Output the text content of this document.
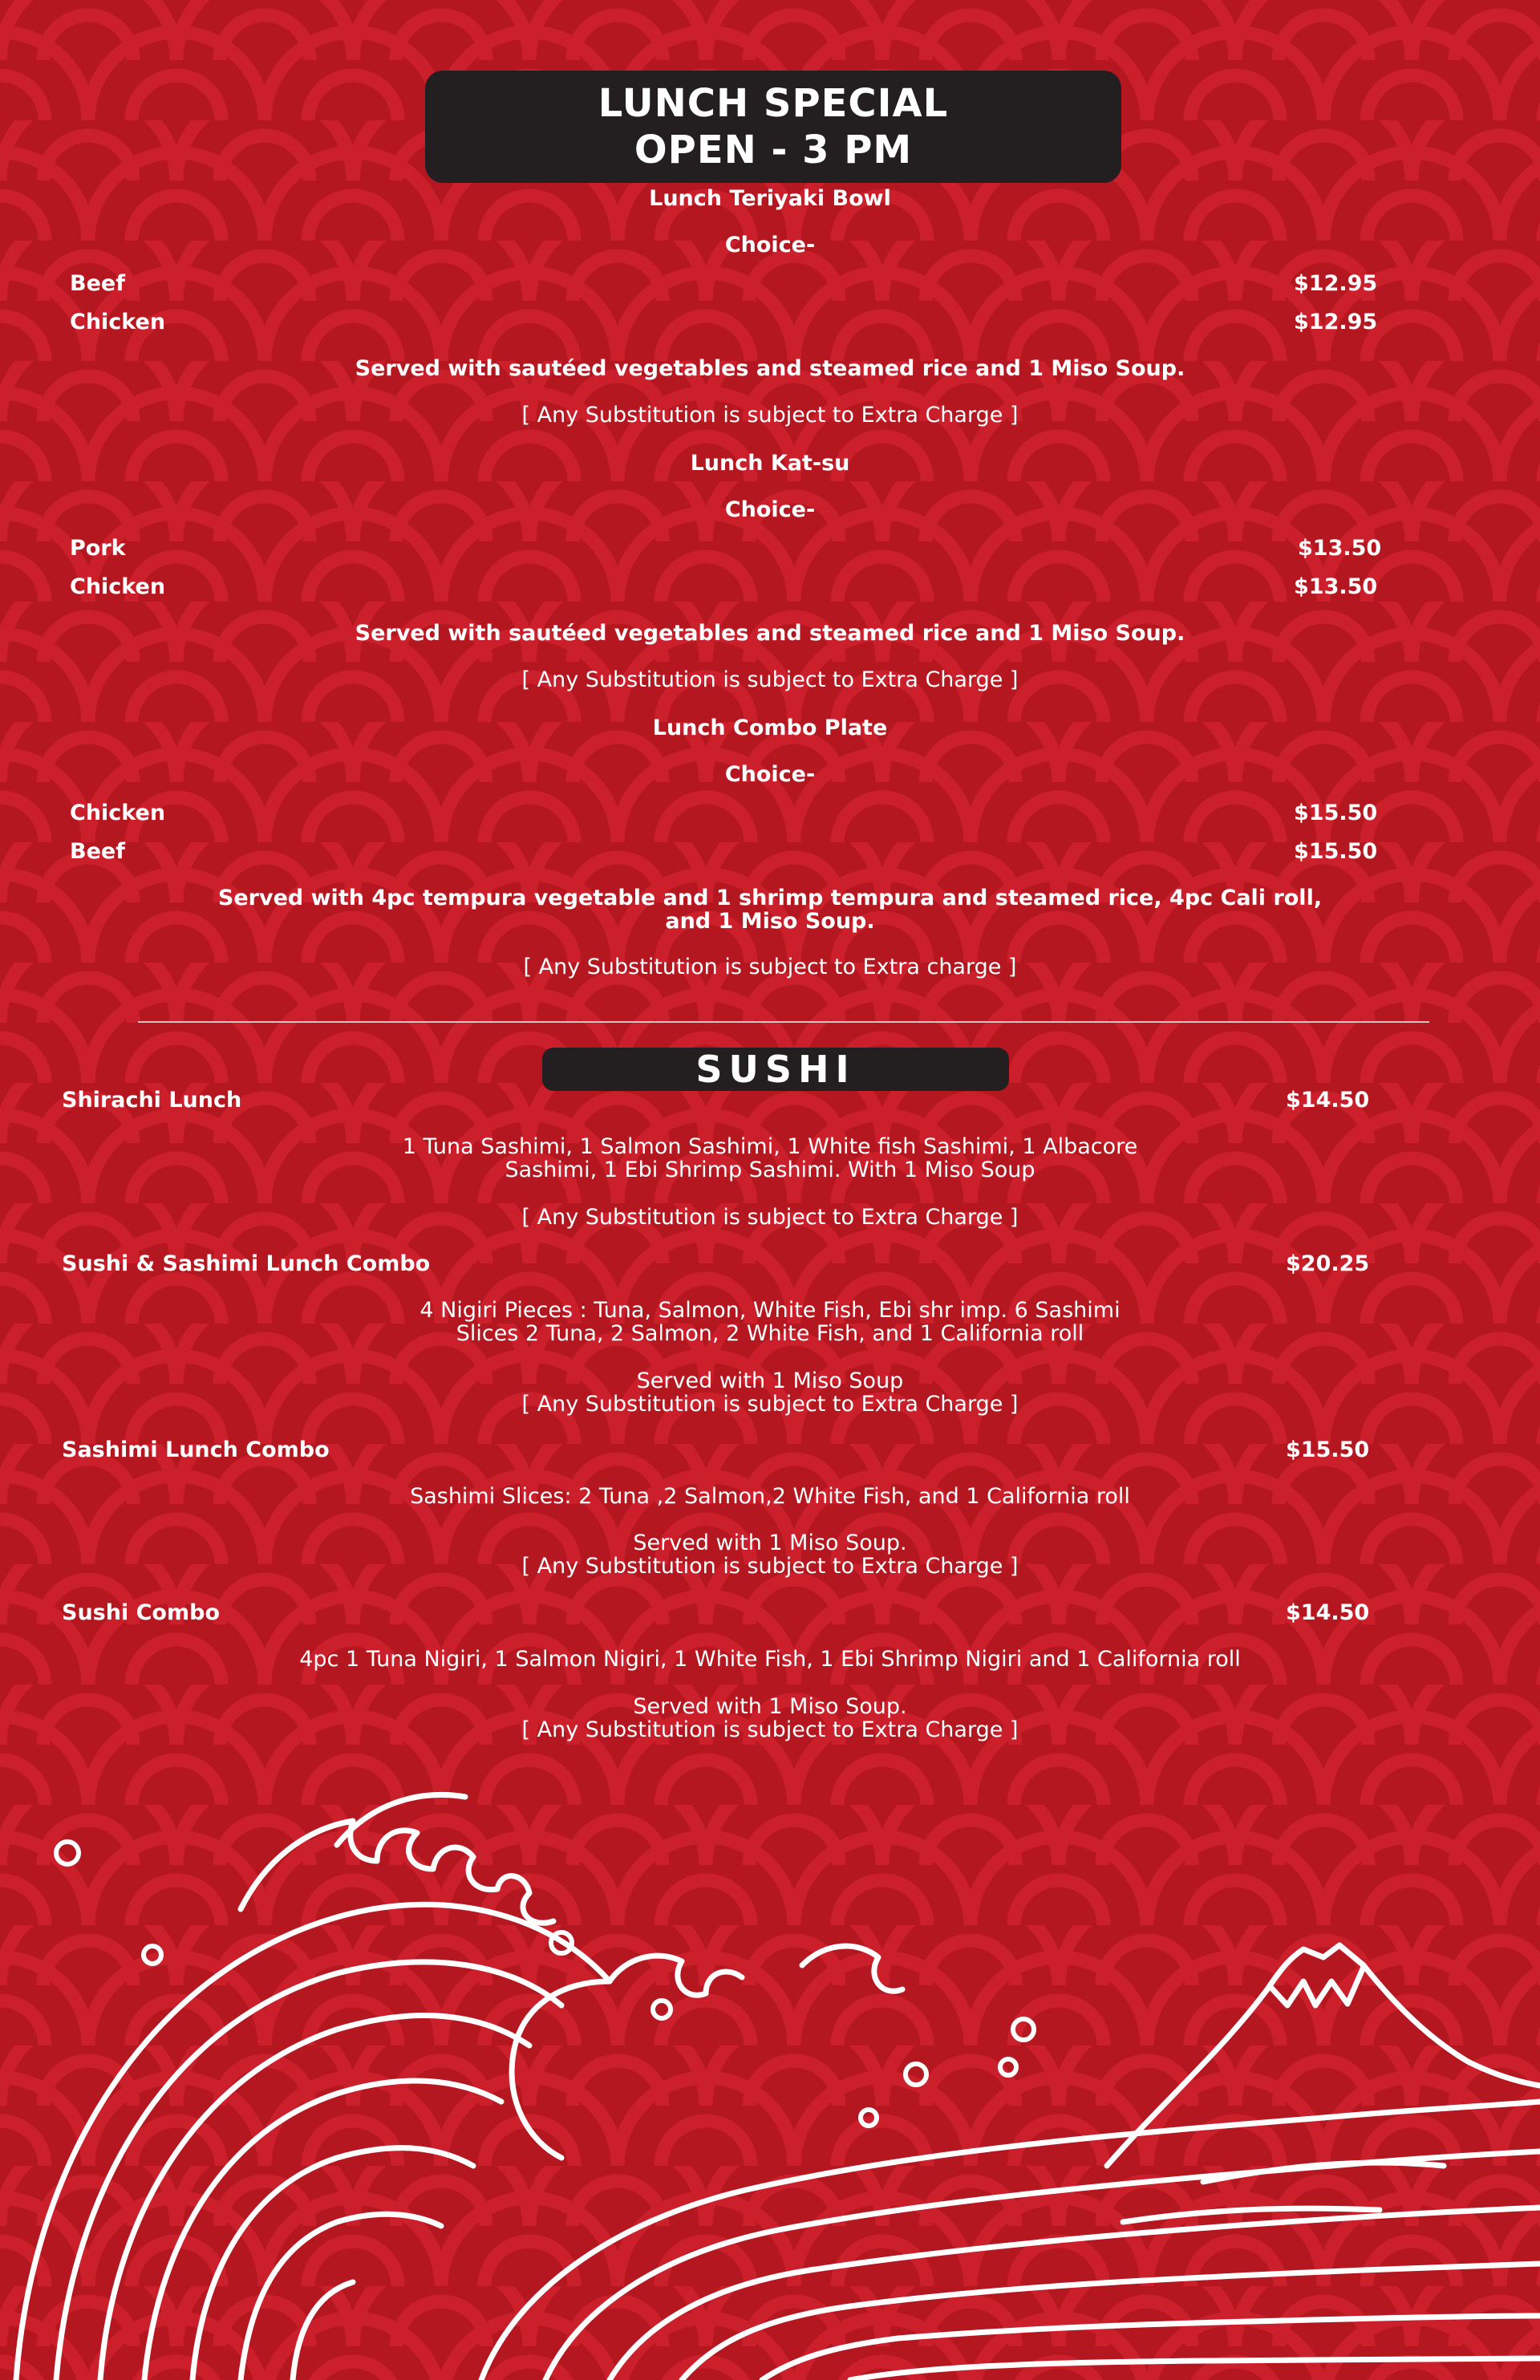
LUNCH SPECIAL
OPEN - 3 PM
Lunch Teriyaki Bowl
Choice-
Beef	$12.95
Chicken	$12.95
Served with sautéed vegetables and steamed rice and 1 Miso Soup.
[ Any Substitution is subject to Extra Charge ]
Lunch Kat-su
Choice-
Pork	$13.50
Chicken	$13.50
Served with sautéed vegetables and steamed rice and 1 Miso Soup.
[ Any Substitution is subject to Extra Charge ]
Lunch Combo Plate
Choice-
Chicken	$15.50
Beef	$15.50
Served with 4pc tempura vegetable and 1 shrimp tempura and steamed rice, 4pc Cali roll,
and 1 Miso Soup.
[ Any Substitution is subject to Extra charge ]
SUSHI
Shirachi Lunch	$14.50
1 Tuna Sashimi, 1 Salmon Sashimi, 1 White fish Sashimi, 1 Albacore
Sashimi, 1 Ebi Shrimp Sashimi. With 1 Miso Soup
[ Any Substitution is subject to Extra Charge ]
Sushi & Sashimi Lunch Combo	$20.25
4 Nigiri Pieces : Tuna, Salmon, White Fish, Ebi shr imp. 6 Sashimi
Slices 2 Tuna, 2 Salmon, 2 White Fish, and 1 California roll
Served with 1 Miso Soup
[ Any Substitution is subject to Extra Charge ]
Sashimi Lunch Combo	$15.50
Sashimi Slices: 2 Tuna ,2 Salmon,2 White Fish, and 1 California roll
Served with 1 Miso Soup.
[ Any Substitution is subject to Extra Charge ]
Sushi Combo	$14.50
4pc 1 Tuna Nigiri, 1 Salmon Nigiri, 1 White Fish, 1 Ebi Shrimp Nigiri and 1 California roll
Served with 1 Miso Soup.
[ Any Substitution is subject to Extra Charge ]
